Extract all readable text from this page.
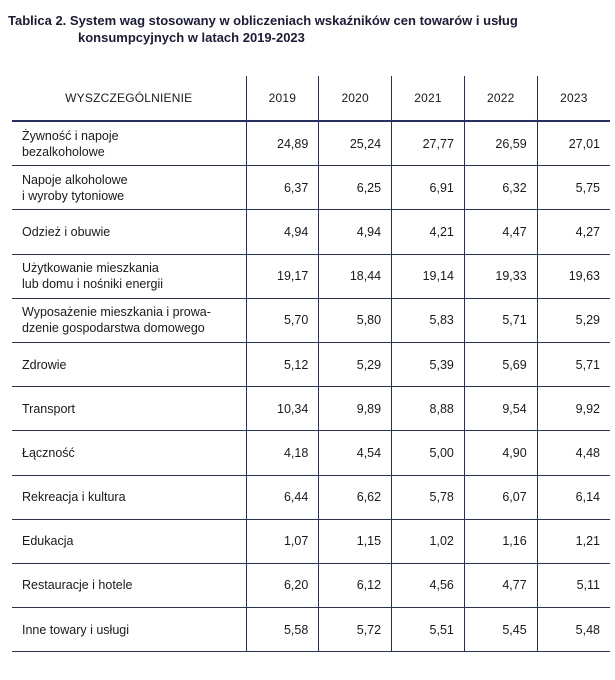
Tablica 2. System wag stosowany w obliczeniach wskaźników cen towarów i usług
konsumpcyjnych w latach 2019-2023
WYSZCZEGÓLNIENIE	2019	2020	2021	2022	2023
Żywność i napoje
bezalkoholowe	24,89	25,24	27,77	26,59	27,01
Napoje alkoholowe
i wyroby tytoniowe	6,37	6,25	6,91	6,32	5,75
Odzież i obuwie	4,94	4,94	4,21	4,47	4,27
Użytkowanie mieszkania
lub domu i nośniki energii	19,17	18,44	19,14	19,33	19,63
Wyposażenie mieszkania i prowa-
dzenie gospodarstwa domowego	5,70	5,80	5,83	5,71	5,29
Zdrowie	5,12	5,29	5,39	5,69	5,71
Transport	10,34	9,89	8,88	9,54	9,92
Łączność	4,18	4,54	5,00	4,90	4,48
Rekreacja i kultura	6,44	6,62	5,78	6,07	6,14
Edukacja	1,07	1,15	1,02	1,16	1,21
Restauracje i hotele	6,20	6,12	4,56	4,77	5,11
Inne towary i usługi	5,58	5,72	5,51	5,45	5,48
